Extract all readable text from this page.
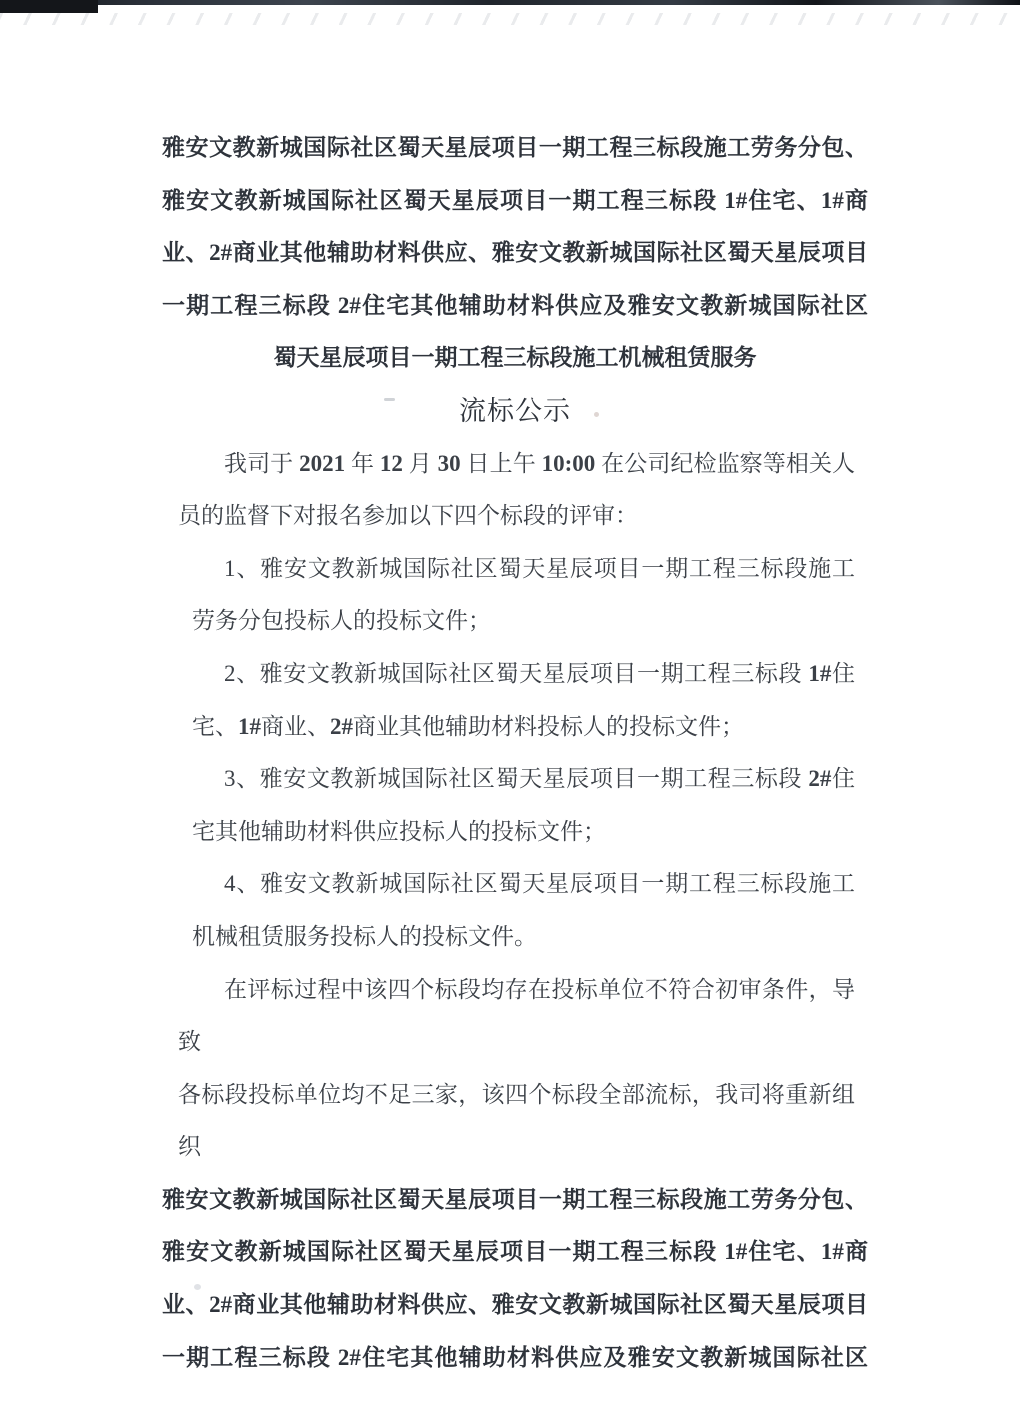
雅安文教新城国际社区蜀天星辰项目一期工程三标段施工劳务分包、
雅安文教新城国际社区蜀天星辰项目一期工程三标段 1#住宅、1#商
业、2#商业其他辅助材料供应、雅安文教新城国际社区蜀天星辰项目
一期工程三标段 2#住宅其他辅助材料供应及雅安文教新城国际社区
蜀天星辰项目一期工程三标段施工机械租赁服务
流标公示
我司于 2021 年 12 月 30 日上午 10:00 在公司纪检监察等相关人
员的监督下对报名参加以下四个标段的评审：
1、雅安文教新城国际社区蜀天星辰项目一期工程三标段施工
劳务分包投标人的投标文件；
2、雅安文教新城国际社区蜀天星辰项目一期工程三标段 1#住
宅、1#商业、2#商业其他辅助材料投标人的投标文件；
3、雅安文教新城国际社区蜀天星辰项目一期工程三标段 2#住
宅其他辅助材料供应投标人的投标文件；
4、雅安文教新城国际社区蜀天星辰项目一期工程三标段施工
机械租赁服务投标人的投标文件。
在评标过程中该四个标段均存在投标单位不符合初审条件，导致
各标段投标单位均不足三家，该四个标段全部流标，我司将重新组织
雅安文教新城国际社区蜀天星辰项目一期工程三标段施工劳务分包、
雅安文教新城国际社区蜀天星辰项目一期工程三标段 1#住宅、1#商
业、2#商业其他辅助材料供应、雅安文教新城国际社区蜀天星辰项目
一期工程三标段 2#住宅其他辅助材料供应及雅安文教新城国际社区
